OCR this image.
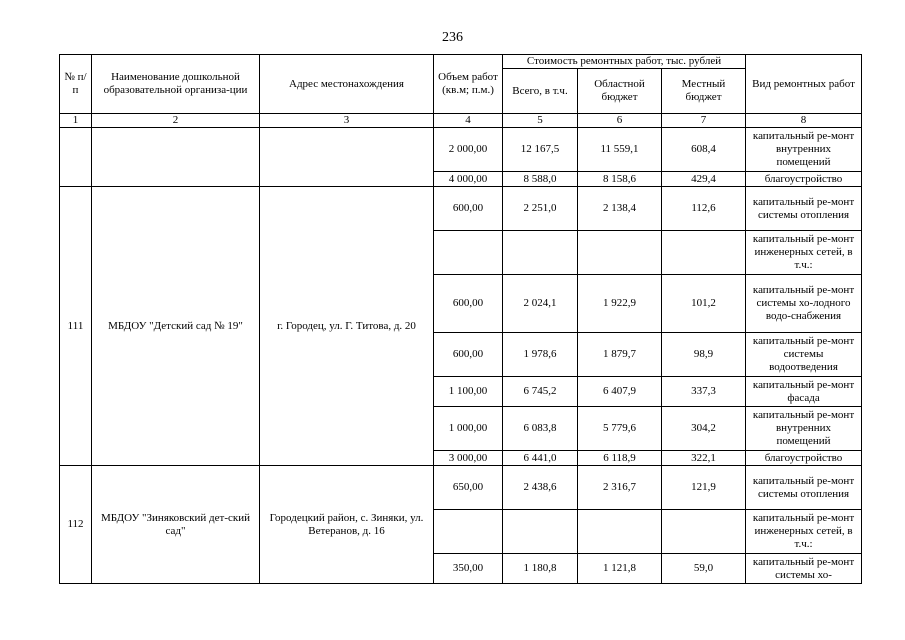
236
№ п/п	Наименование дошкольной образовательной организа-ции	Адрес местонахождения	Объем работ (кв.м; п.м.)	Стоимость ремонтных работ, тыс. рублей			Вид ремонтных работ
				Всего, в т.ч.	Областной бюджет	Местный бюджет	
1	2	3	4	5	6	7	8
			2 000,00	12 167,5	11 559,1	608,4	капитальный ре-монт внутренних помещений
			4 000,00	8 588,0	8 158,6	429,4	благоустройство
111	МБДОУ "Детский сад № 19"	г. Городец, ул. Г. Титова, д. 20	600,00	2 251,0	2 138,4	112,6	капитальный ре-монт системы отопления
							капитальный ре-монт инженерных сетей, в т.ч.:
			600,00	2 024,1	1 922,9	101,2	капитальный ре-монт системы хо-лодного водо-снабжения
			600,00	1 978,6	1 879,7	98,9	капитальный ре-монт системы водоотведения
			1 100,00	6 745,2	6 407,9	337,3	капитальный ре-монт фасада
			1 000,00	6 083,8	5 779,6	304,2	капитальный ре-монт внутренних помещений
			3 000,00	6 441,0	6 118,9	322,1	благоустройство
112	МБДОУ "Зиняковский дет-ский сад"	Городецкий район, с. Зиняки, ул. Ветеранов, д. 16	650,00	2 438,6	2 316,7	121,9	капитальный ре-монт системы отопления
							капитальный ре-монт инженерных сетей, в т.ч.:
			350,00	1 180,8	1 121,8	59,0	капитальный ре-монт системы хо-
